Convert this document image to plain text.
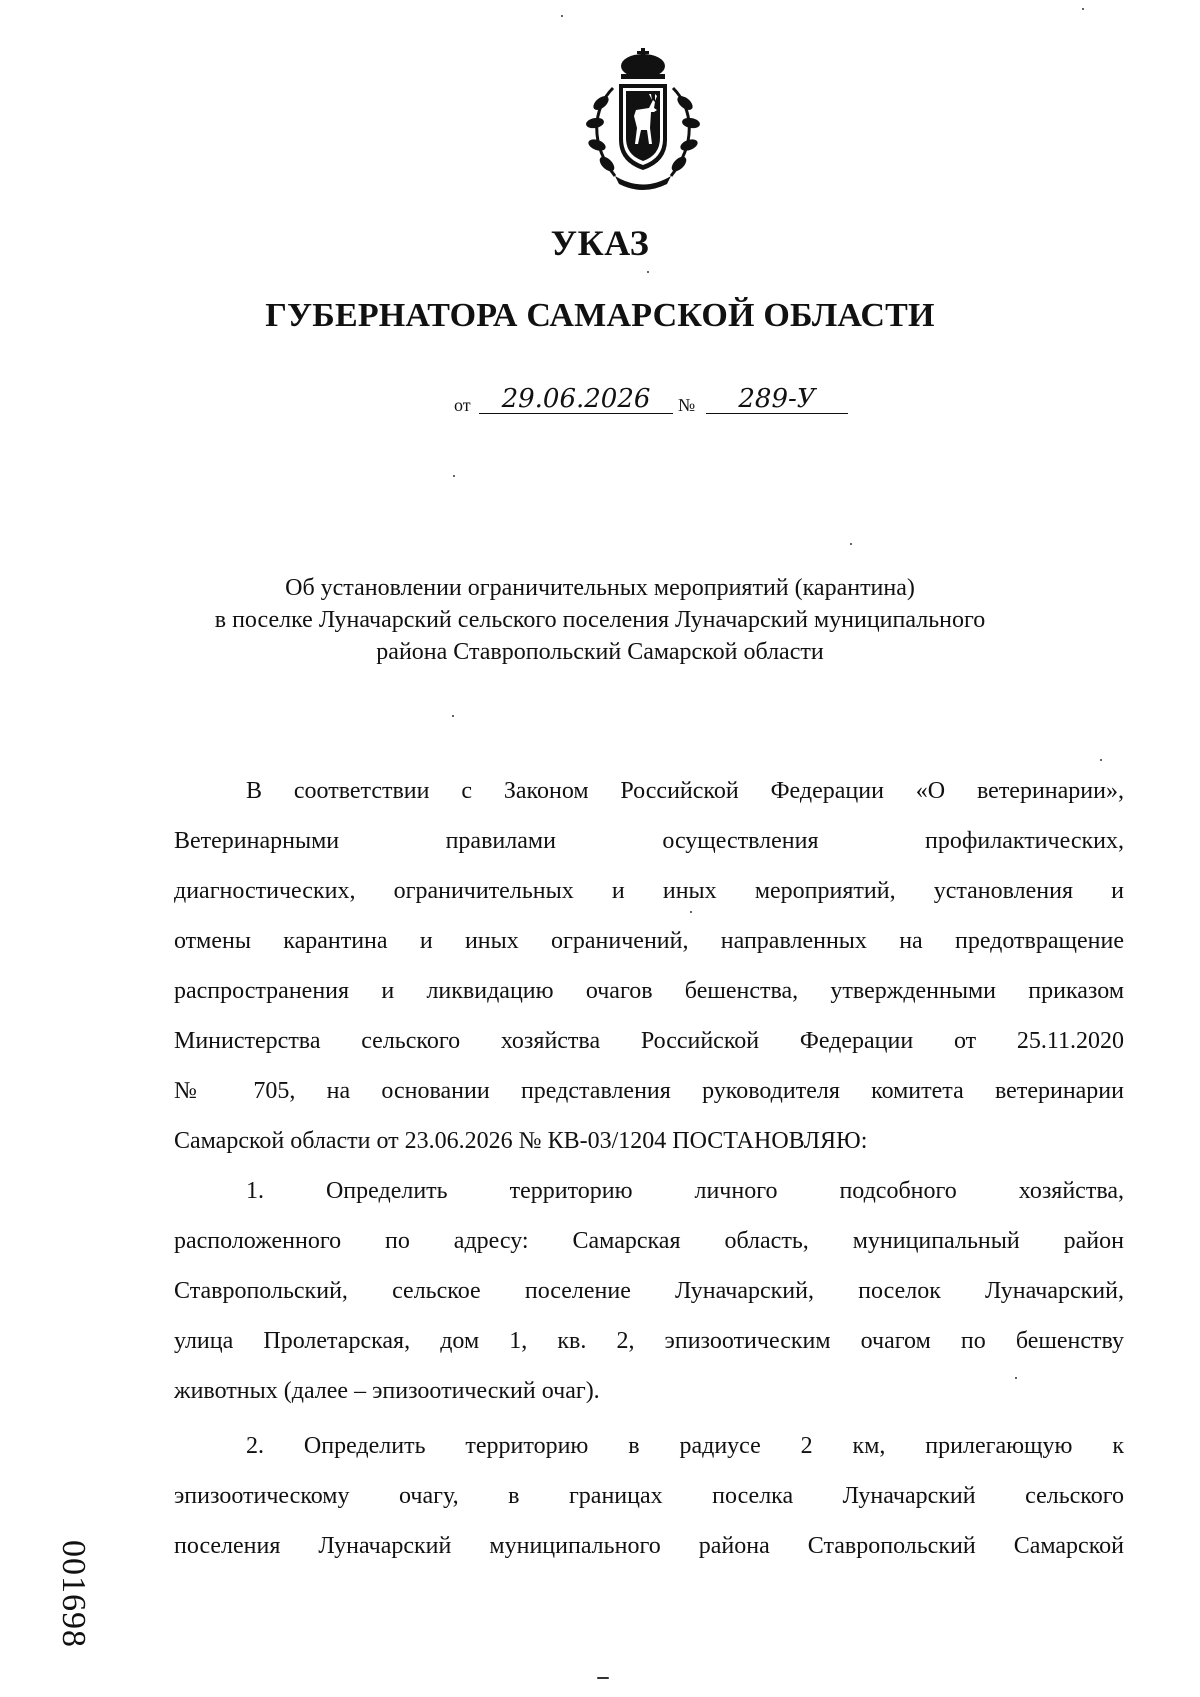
УКАЗ
ГУБЕРНАТОРА САМАРСКОЙ ОБЛАСТИ
от	29.06.2026	№	289-У
Об установлении ограничительных мероприятий (карантина)
в поселке Луначарский сельского поселения Луначарский муниципального
района Ставропольский Самарской области

В соответствии с Законом Российской Федерации «О ветеринарии»,
Ветеринарными правилами осуществления профилактических,
диагностических, ограничительных и иных мероприятий, установления и
отмены карантина и иных ограничений, направленных на предотвращение
распространения и ликвидацию очагов бешенства, утвержденными приказом
Министерства сельского хозяйства Российской Федерации от 25.11.2020
№ 705, на основании представления руководителя комитета ветеринарии
Самарской области от 23.06.2026 № КВ-03/1204 ПОСТАНОВЛЯЮ:

1. Определить территорию личного подсобного хозяйства,
расположенного по адресу: Самарская область, муниципальный район
Ставропольский, сельское поселение Луначарский, поселок Луначарский,
улица Пролетарская, дом 1, кв. 2, эпизоотическим очагом по бешенству
животных (далее – эпизоотический очаг).

2. Определить территорию в радиусе 2 км, прилегающую к
эпизоотическому очагу, в границах поселка Луначарский сельского
поселения Луначарский муниципального района Ставропольский Самарской

001698
